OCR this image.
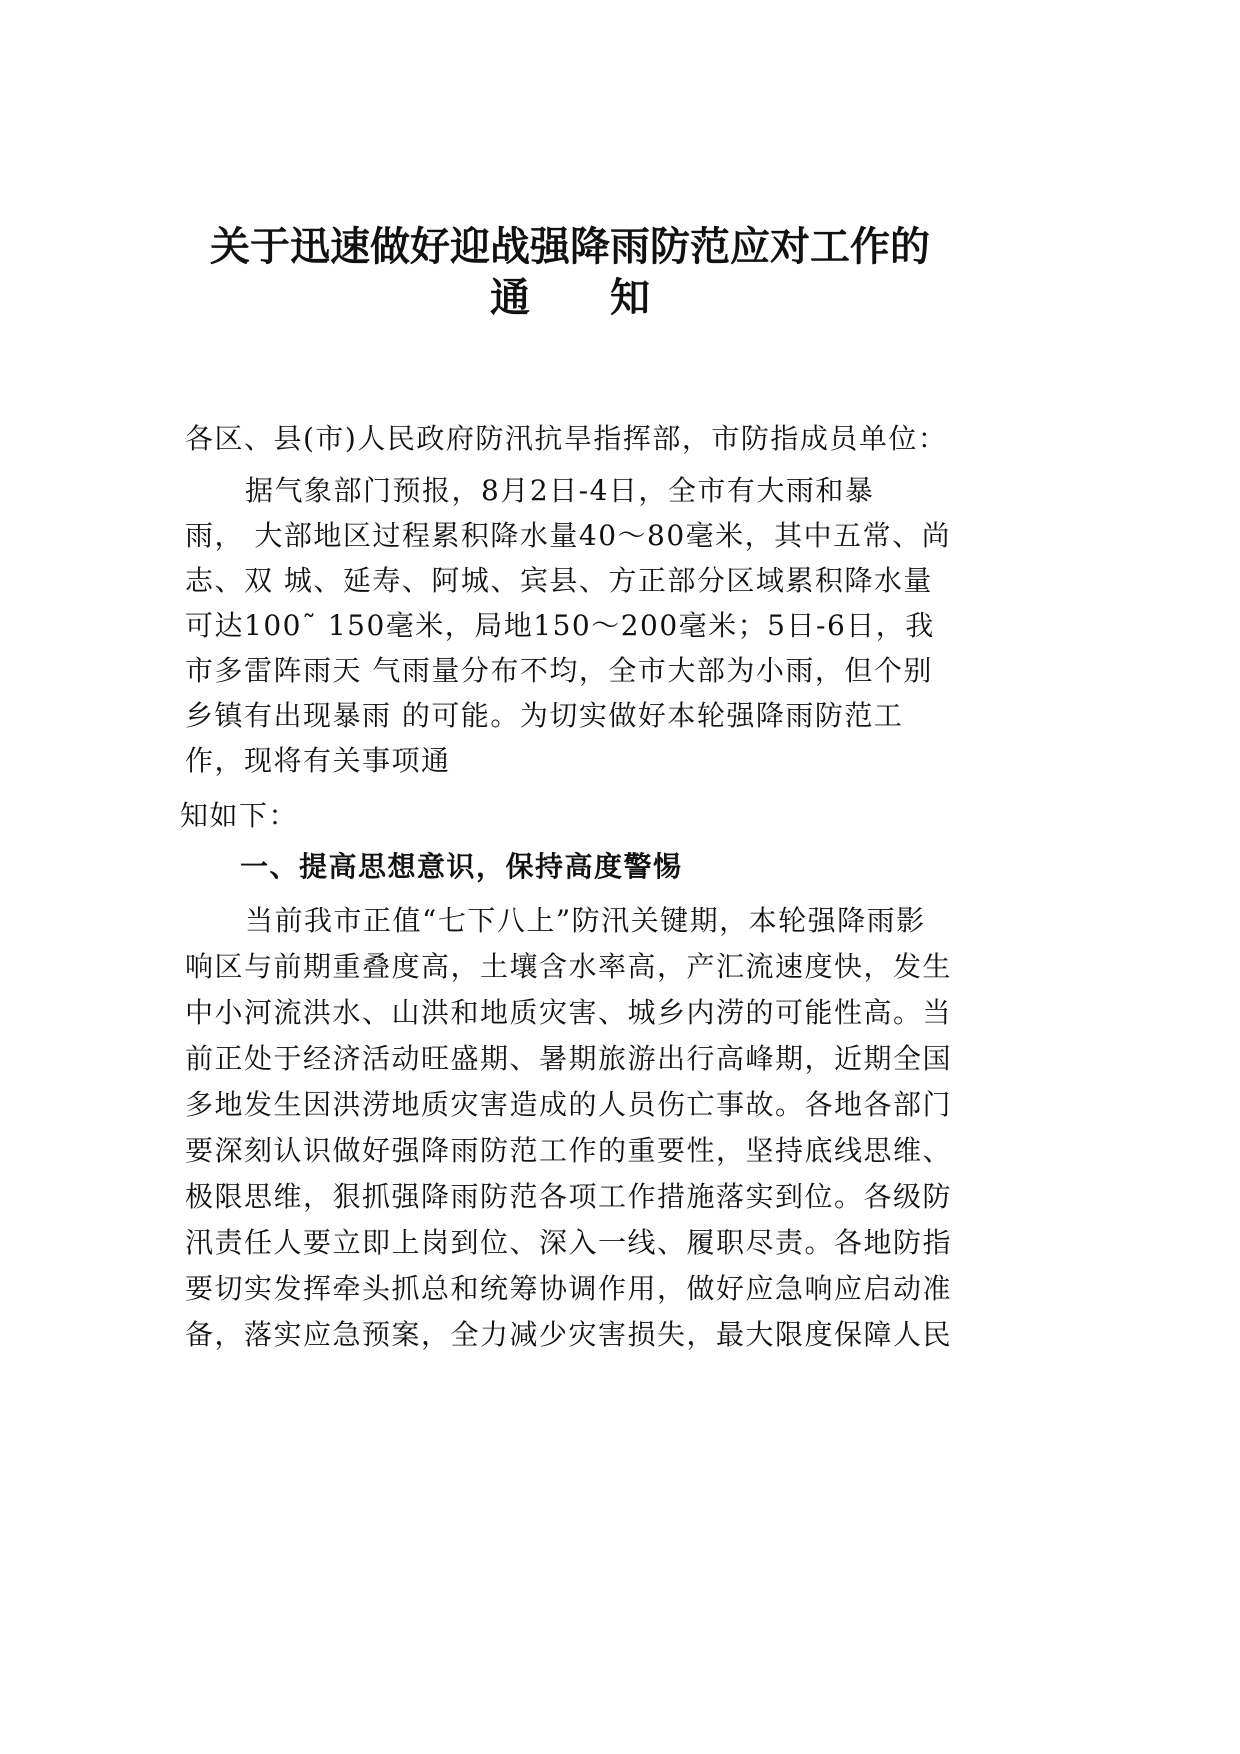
关于迅速做好迎战强降雨防范应对工作的
通　　知
各区、县(市)人民政府防汛抗旱指挥部，市防指成员单位：
据气象部门预报，8月2日-4日，全市有大雨和暴
雨， 大部地区过程累积降水量40～80毫米，其中五常、尚
志、双 城、延寿、阿城、宾县、方正部分区域累积降水量
可达100˜ 150毫米，局地150～200毫米；5日-6日，我
市多雷阵雨天 气雨量分布不均，全市大部为小雨，但个别
乡镇有出现暴雨 的可能。为切实做好本轮强降雨防范工
作，现将有关事项通
知如下：
一、提高思想意识，保持高度警惕
当前我市正值“七下八上”防汛关键期，本轮强降雨影
响区与前期重叠度高，土壤含水率高，产汇流速度快，发生
中小河流洪水、山洪和地质灾害、城乡内涝的可能性高。当
前正处于经济活动旺盛期、暑期旅游出行高峰期，近期全国
多地发生因洪涝地质灾害造成的人员伤亡事故。各地各部门
要深刻认识做好强降雨防范工作的重要性，坚持底线思维、
极限思维，狠抓强降雨防范各项工作措施落实到位。各级防
汛责任人要立即上岗到位、深入一线、履职尽责。各地防指
要切实发挥牵头抓总和统筹协调作用，做好应急响应启动准
备，落实应急预案，全力减少灾害损失，最大限度保障人民
